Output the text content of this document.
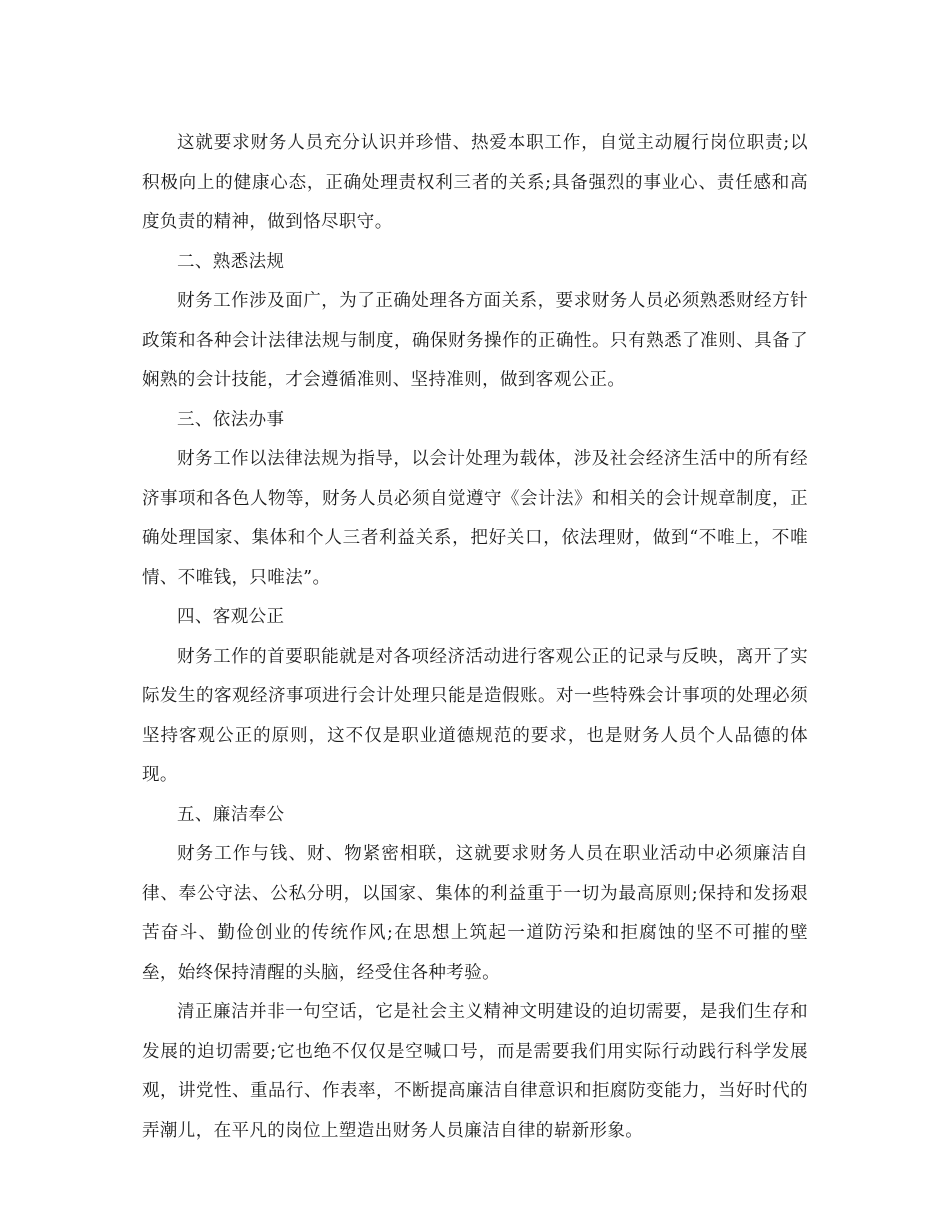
这就要求财务人员充分认识并珍惜、热爱本职工作，自觉主动履行岗位职责;以积极向上的健康心态，正确处理责权利三者的关系;具备强烈的事业心、责任感和高度负责的精神，做到恪尽职守。

二、熟悉法规

财务工作涉及面广，为了正确处理各方面关系，要求财务人员必须熟悉财经方针政策和各种会计法律法规与制度，确保财务操作的正确性。只有熟悉了准则、具备了娴熟的会计技能，才会遵循准则、坚持准则，做到客观公正。

三、依法办事

财务工作以法律法规为指导，以会计处理为载体，涉及社会经济生活中的所有经济事项和各色人物等，财务人员必须自觉遵守《会计法》和相关的会计规章制度，正确处理国家、集体和个人三者利益关系，把好关口，依法理财，做到“不唯上，不唯情、不唯钱，只唯法”。

四、客观公正

财务工作的首要职能就是对各项经济活动进行客观公正的记录与反映，离开了实际发生的客观经济事项进行会计处理只能是造假账。对一些特殊会计事项的处理必须坚持客观公正的原则，这不仅是职业道德规范的要求，也是财务人员个人品德的体现。

五、廉洁奉公

财务工作与钱、财、物紧密相联，这就要求财务人员在职业活动中必须廉洁自律、奉公守法、公私分明，以国家、集体的利益重于一切为最高原则;保持和发扬艰苦奋斗、勤俭创业的传统作风;在思想上筑起一道防污染和拒腐蚀的坚不可摧的壁垒，始终保持清醒的头脑，经受住各种考验。

清正廉洁并非一句空话，它是社会主义精神文明建设的迫切需要，是我们生存和发展的迫切需要;它也绝不仅仅是空喊口号，而是需要我们用实际行动践行科学发展观，讲党性、重品行、作表率，不断提高廉洁自律意识和拒腐防变能力，当好时代的弄潮儿，在平凡的岗位上塑造出财务人员廉洁自律的崭新形象。
